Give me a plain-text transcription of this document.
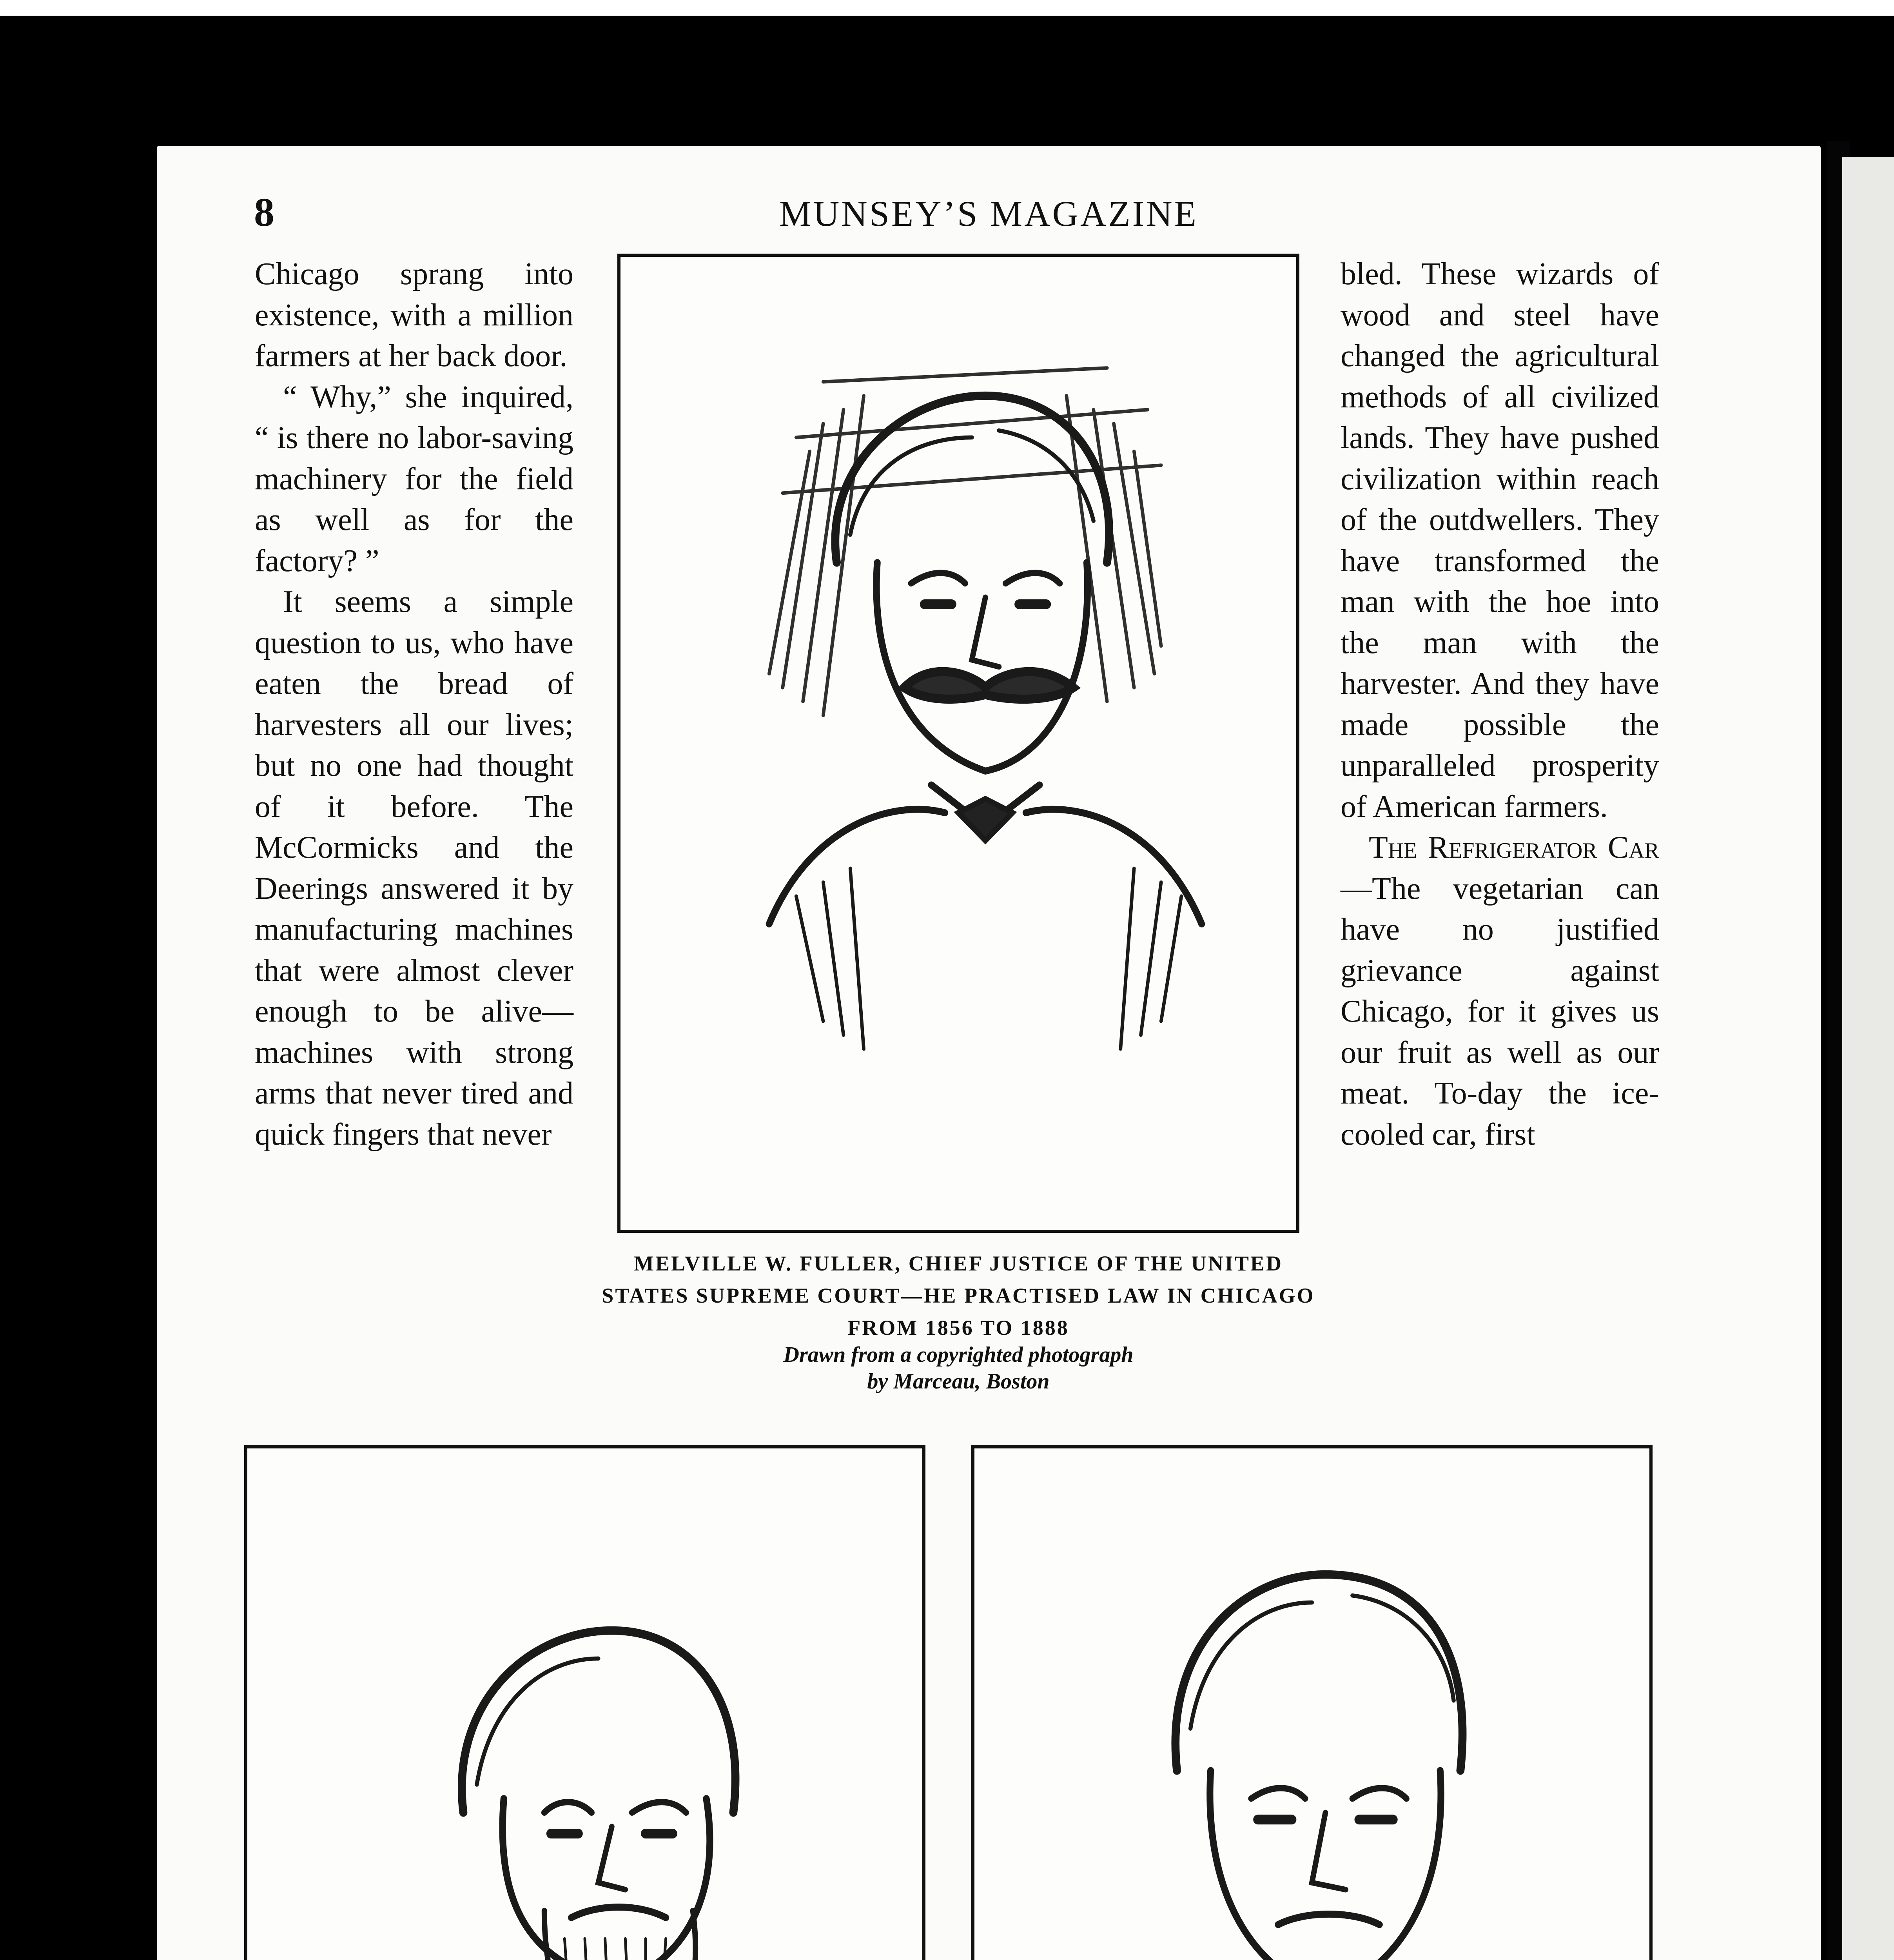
8	MUNSEY’S MAGAZINE

Chicago sprang into existence, with a million farmers at her back door.

“ Why,” she inquired, “ is there no labor-saving machinery for the field as well as for the factory? ”

It seems a simple question to us, who have eaten the bread of harvesters all our lives; but no one had thought of it before. The McCormicks and the Deerings answered it by manufacturing machines that were almost clever enough to be alive—machines with strong arms that never tired and quick fingers that never

MELVILLE W. FULLER, CHIEF JUSTICE OF THE UNITED STATES SUPREME COURT—HE PRACTISED LAW IN CHICAGO FROM 1856 TO 1888
Drawn from a copyrighted photograph
by Marceau, Boston

bled. These wizards of wood and steel have changed the agricultural methods of all civilized lands. They have pushed civilization within reach of the outdwellers. They have transformed the man with the hoe into the man with the harvester. And they have made possible the unparalleled prosperity of American farmers.

The Refrigerator Car—The vegetarian can have no justified grievance against Chicago, for it gives us our fruit as well as our meat. To-day the ice-cooled car, first
